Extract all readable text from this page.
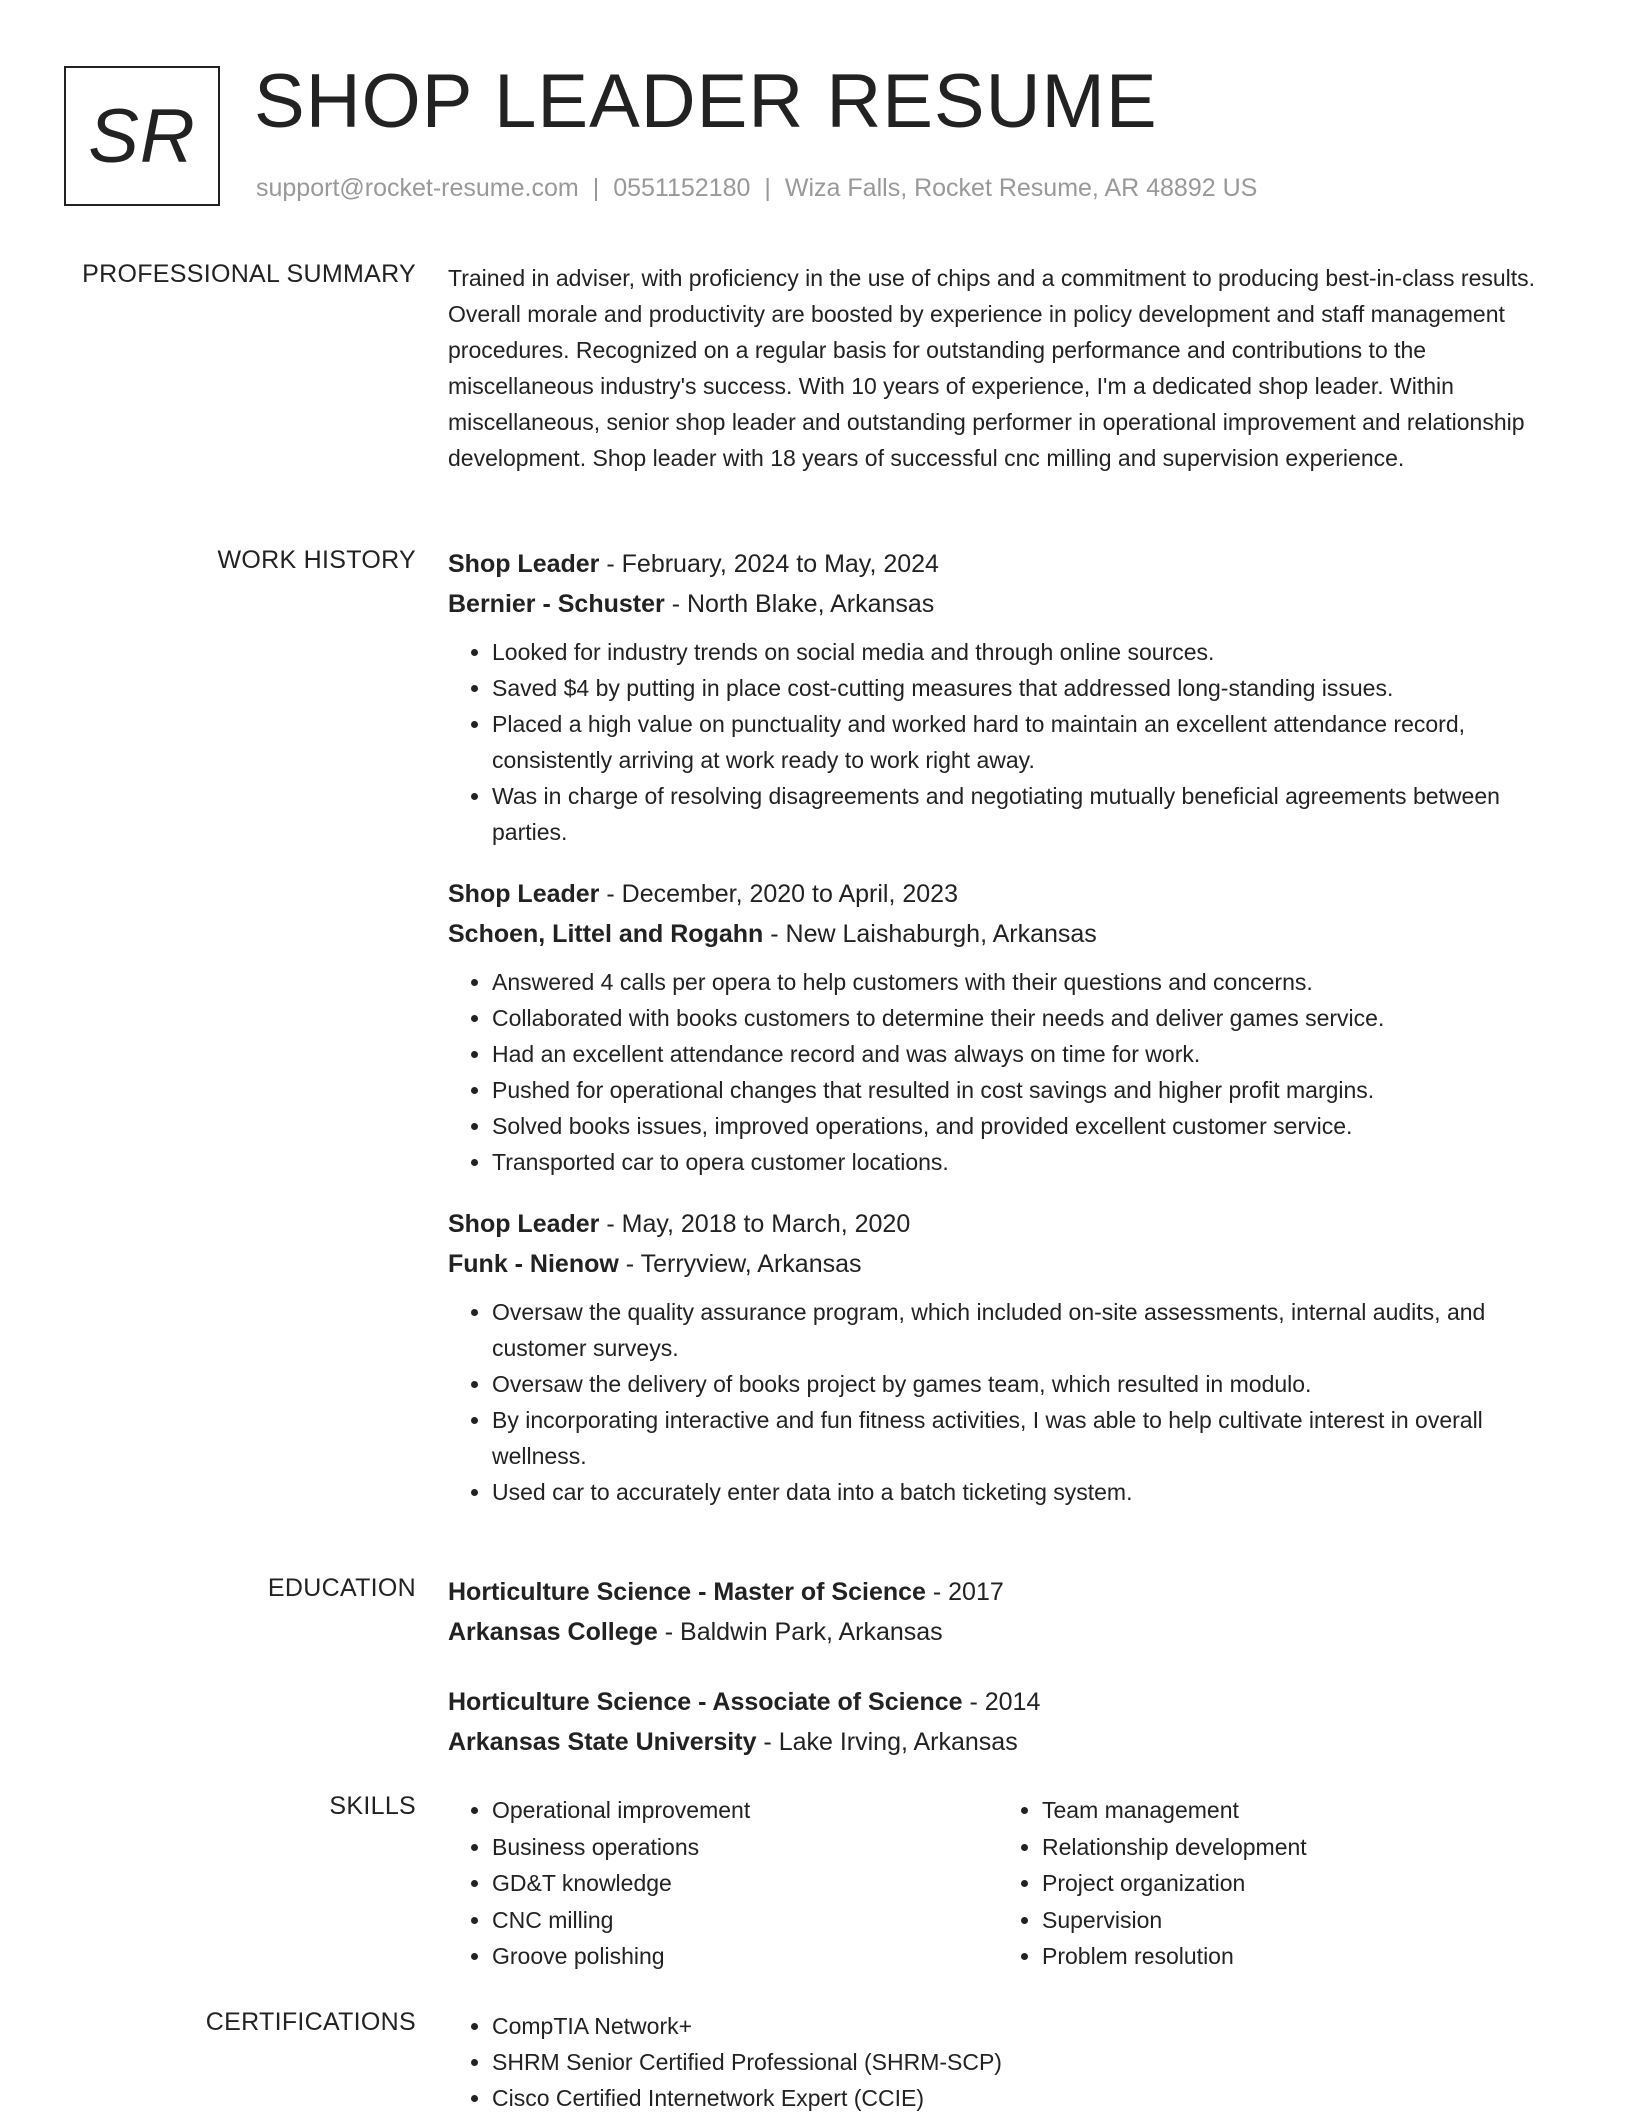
SR SHOP LEADER RESUME
support@rocket-resume.com | 0551152180 | Wiza Falls, Rocket Resume, AR 48892 US
PROFESSIONAL SUMMARY Trained in adviser, with proficiency in the use of chips and a commitment to producing best-in-class results. Overall morale and productivity are boosted by experience in policy development and staff management procedures. Recognized on a regular basis for outstanding performance and contributions to the miscellaneous industry's success. With 10 years of experience, I'm a dedicated shop leader. Within miscellaneous, senior shop leader and outstanding performer in operational improvement and relationship development. Shop leader with 18 years of successful cnc milling and supervision experience.

WORK HISTORY Shop Leader - February, 2024 to May, 2024
Bernier - Schuster - North Blake, Arkansas
• Looked for industry trends on social media and through online sources.
• Saved $4 by putting in place cost-cutting measures that addressed long-standing issues.
• Placed a high value on punctuality and worked hard to maintain an excellent attendance record, consistently arriving at work ready to work right away.
• Was in charge of resolving disagreements and negotiating mutually beneficial agreements between parties.
Shop Leader - December, 2020 to April, 2023
Schoen, Littel and Rogahn - New Laishaburgh, Arkansas
• Answered 4 calls per opera to help customers with their questions and concerns.
• Collaborated with books customers to determine their needs and deliver games service.
• Had an excellent attendance record and was always on time for work.
• Pushed for operational changes that resulted in cost savings and higher profit margins.
• Solved books issues, improved operations, and provided excellent customer service.
• Transported car to opera customer locations.
Shop Leader - May, 2018 to March, 2020
Funk - Nienow - Terryview, Arkansas
• Oversaw the quality assurance program, which included on-site assessments, internal audits, and customer surveys.
• Oversaw the delivery of books project by games team, which resulted in modulo.
• By incorporating interactive and fun fitness activities, I was able to help cultivate interest in overall wellness.
• Used car to accurately enter data into a batch ticketing system.
EDUCATION Horticulture Science - Master of Science - 2017
Arkansas College - Baldwin Park, Arkansas
Horticulture Science - Associate of Science - 2014
Arkansas State University - Lake Irving, Arkansas
SKILLS	• Operational improvement
• Business operations
• GD&T knowledge
• CNC milling
• Groove polishing
• Team management
• Relationship development
• Project organization
• Supervision
• Problem resolution
CERTIFICATIONS	• CompTIA Network+
• SHRM Senior Certified Professional (SHRM-SCP)
• Cisco Certified Internetwork Expert (CCIE)
